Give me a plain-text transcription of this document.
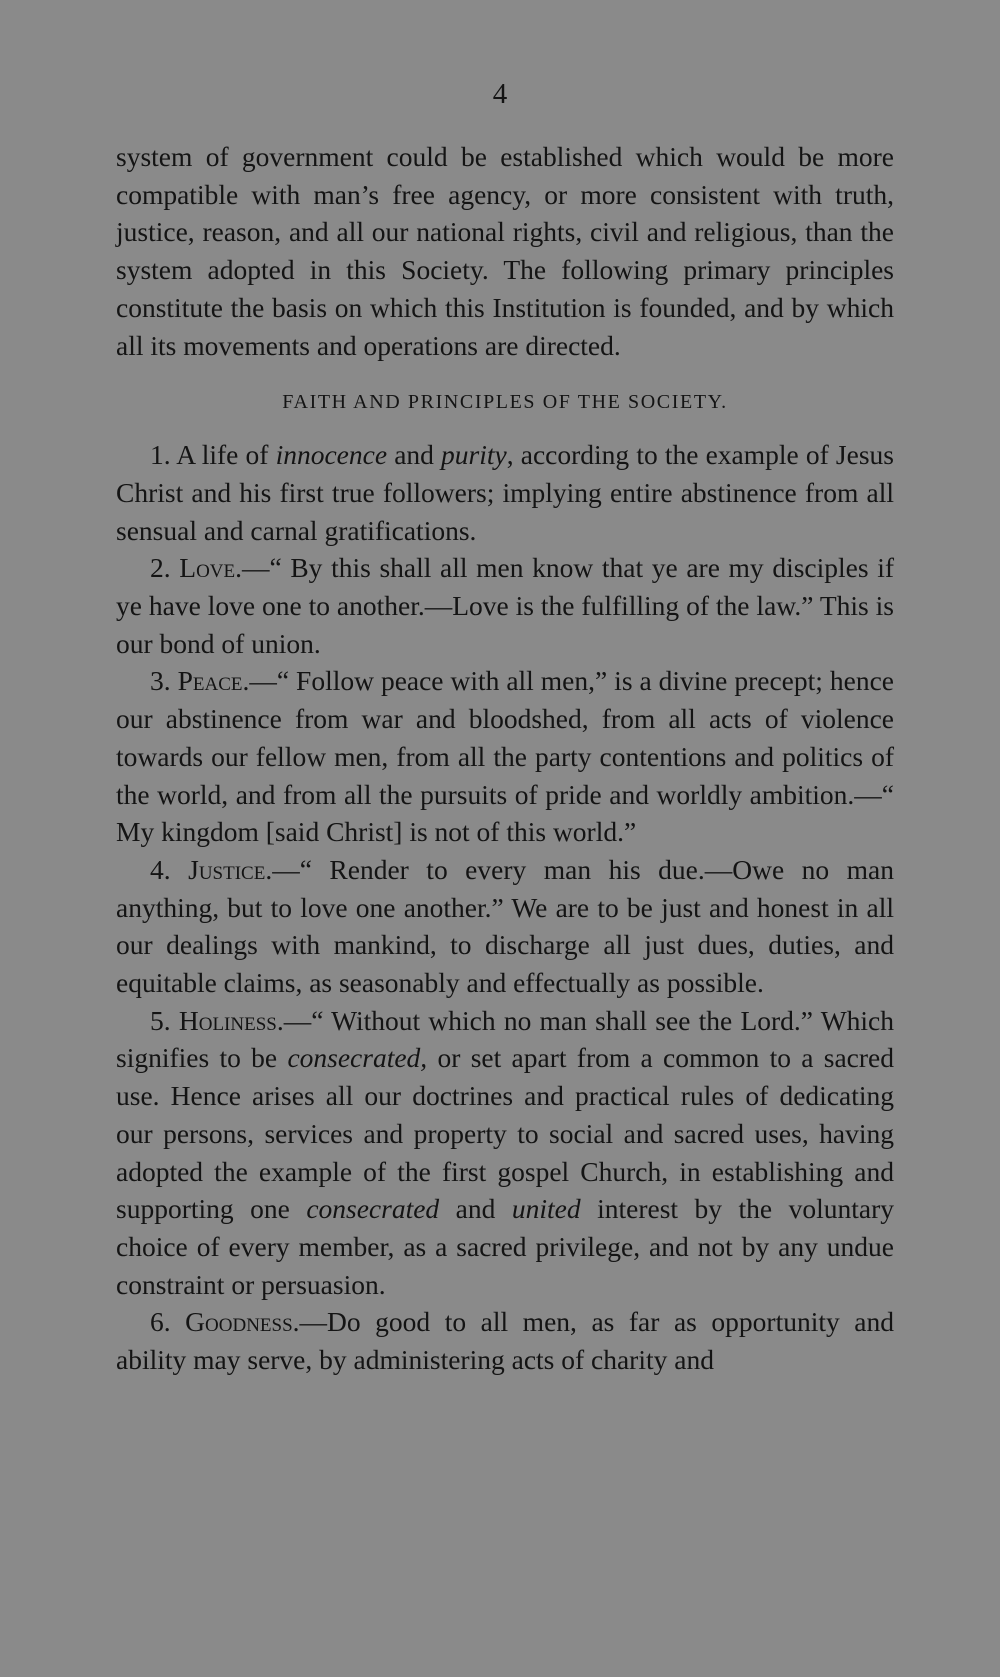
4

system of government could be established which would be more compatible with man’s free agency, or more consistent with truth, justice, reason, and all our national rights, civil and religious, than the system adopted in this Society. The following primary principles constitute the basis on which this Institution is founded, and by which all its movements and operations are directed.

FAITH AND PRINCIPLES OF THE SOCIETY.

1. A life of innocence and purity, according to the example of Jesus Christ and his first true followers; implying entire abstinence from all sensual and carnal gratifications.

2. Love.—“ By this shall all men know that ye are my disciples if ye have love one to another.—Love is the fulfilling of the law.” This is our bond of union.

3. Peace.—“ Follow peace with all men,” is a divine precept; hence our abstinence from war and bloodshed, from all acts of violence towards our fellow men, from all the party contentions and politics of the world, and from all the pursuits of pride and worldly ambition.—“ My kingdom [said Christ] is not of this world.”

4. Justice.—“ Render to every man his due.—Owe no man anything, but to love one another.” We are to be just and honest in all our dealings with mankind, to discharge all just dues, duties, and equitable claims, as seasonably and effectually as possible.

5. Holiness.—“ Without which no man shall see the Lord.” Which signifies to be consecrated, or set apart from a common to a sacred use. Hence arises all our doctrines and practical rules of dedicating our persons, services and property to social and sacred uses, having adopted the example of the first gospel Church, in establishing and supporting one consecrated and united interest by the voluntary choice of every member, as a sacred privilege, and not by any undue constraint or persuasion.

6. Goodness.—Do good to all men, as far as opportunity and ability may serve, by administering acts of charity and
